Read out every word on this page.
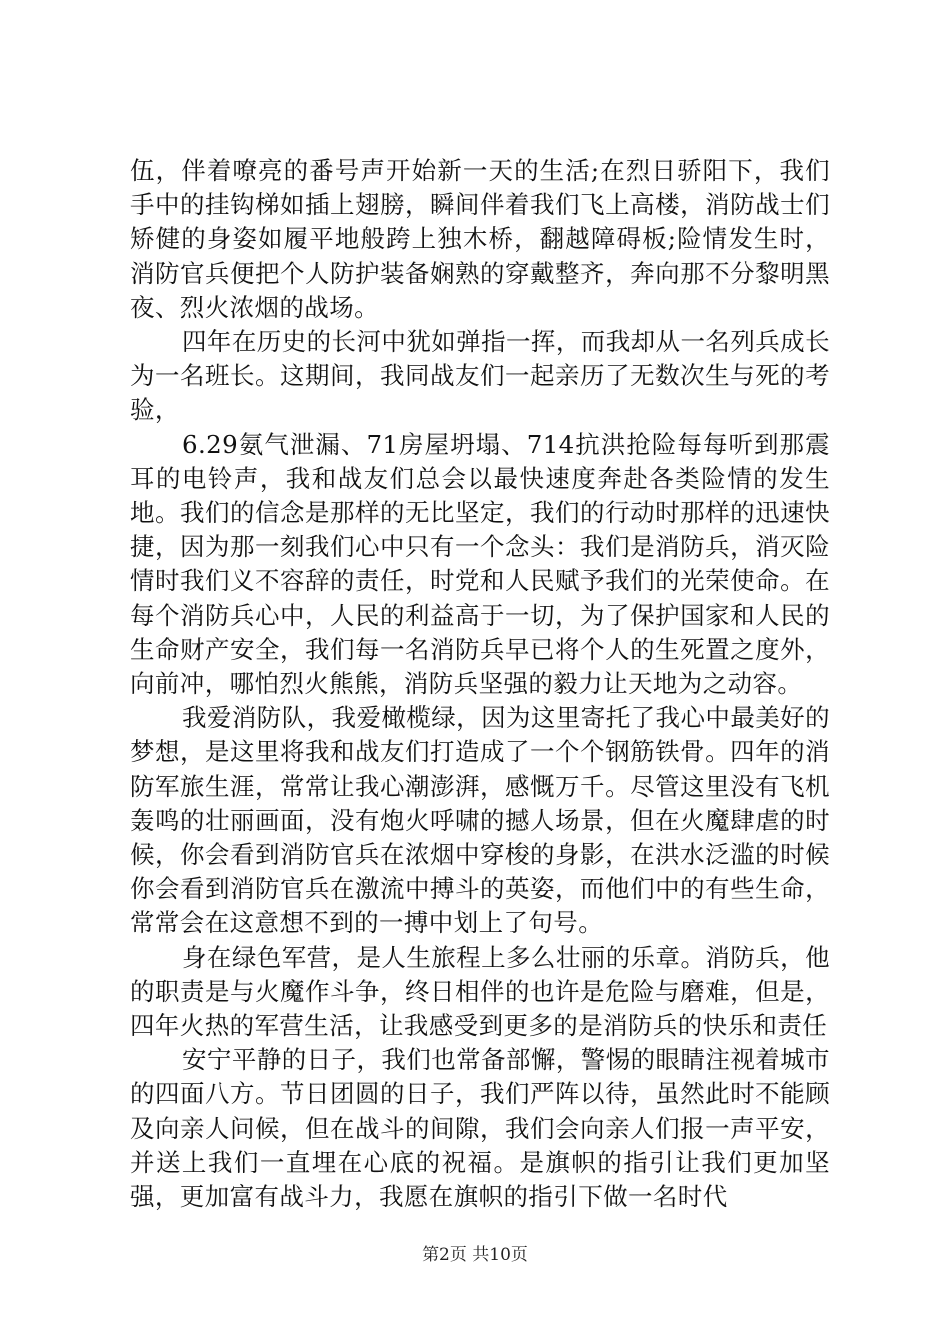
伍，伴着嘹亮的番号声开始新一天的生活;在烈日骄阳下，我们手中的挂钩梯如插上翅膀，瞬间伴着我们飞上高楼，消防战士们矫健的身姿如履平地般跨上独木桥，翻越障碍板;险情发生时，消防官兵便把个人防护装备娴熟的穿戴整齐，奔向那不分黎明黑夜、烈火浓烟的战场。

四年在历史的长河中犹如弹指一挥，而我却从一名列兵成长为一名班长。这期间，我同战友们一起亲历了无数次生与死的考验，

6.29氨气泄漏、71房屋坍塌、714抗洪抢险每每听到那震耳的电铃声，我和战友们总会以最快速度奔赴各类险情的发生地。我们的信念是那样的无比坚定，我们的行动时那样的迅速快捷，因为那一刻我们心中只有一个念头：我们是消防兵，消灭险情时我们义不容辞的责任，时党和人民赋予我们的光荣使命。在每个消防兵心中，人民的利益高于一切，为了保护国家和人民的生命财产安全，我们每一名消防兵早已将个人的生死置之度外，向前冲，哪怕烈火熊熊，消防兵坚强的毅力让天地为之动容。

我爱消防队，我爱橄榄绿，因为这里寄托了我心中最美好的梦想，是这里将我和战友们打造成了一个个钢筋铁骨。四年的消防军旅生涯，常常让我心潮澎湃，感慨万千。尽管这里没有飞机轰鸣的壮丽画面，没有炮火呼啸的撼人场景，但在火魔肆虐的时候，你会看到消防官兵在浓烟中穿梭的身影，在洪水泛滥的时候你会看到消防官兵在激流中搏斗的英姿，而他们中的有些生命，常常会在这意想不到的一搏中划上了句号。

身在绿色军营，是人生旅程上多么壮丽的乐章。消防兵，他的职责是与火魔作斗争，终日相伴的也许是危险与磨难，但是，四年火热的军营生活，让我感受到更多的是消防兵的快乐和责任

安宁平静的日子，我们也常备部懈，警惕的眼睛注视着城市的四面八方。节日团圆的日子，我们严阵以待，虽然此时不能顾及向亲人问候，但在战斗的间隙，我们会向亲人们报一声平安，并送上我们一直埋在心底的祝福。是旗帜的指引让我们更加坚强，更加富有战斗力，我愿在旗帜的指引下做一名时代

第2页 共10页
